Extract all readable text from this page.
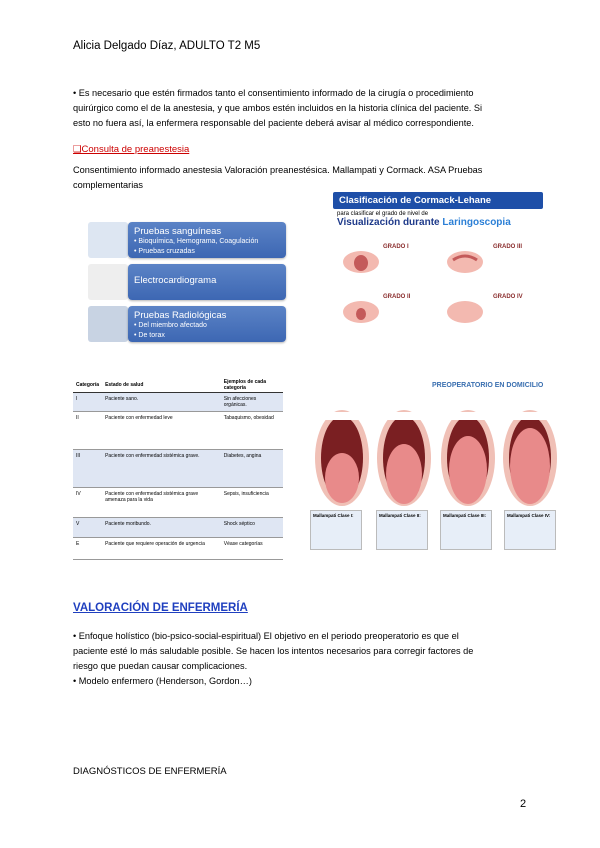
Alicia Delgado Díaz, ADULTO T2 M5
• Es necesario que estén firmados tanto el consentimiento informado de la cirugía o procedimiento
quirúrgico como el de la anestesia, y que ambos estén incluidos en la historia clínica del paciente. Si
esto no fuera así, la enfermera responsable del paciente deberá avisar al médico correspondiente.
❑Consulta de preanestesia
Consentimiento informado anestesia Valoración preanestésica. Mallampati y Cormack. ASA Pruebas
complementarias
Pruebas sanguíneas
• Bioquímica, Hemograma, Coagulación
• Pruebas cruzadas
Electrocardiograma
Pruebas Radiológicas
• Del miembro afectado
• De torax
Clasificación de Cormack-Lehane
para clasificar el grado de nivel de
Visualización durante Laringoscopia
GRADO I
GRADO II
GRADO III
GRADO IV
Categoría	Estado de salud	Ejemplos de cada categoría
I	Paciente sano.	Sin afecciones orgánicas.
II	Paciente con enfermedad leve	Tabaquismo, obesidad
III	Paciente con enfermedad sistémica grave.	Diabetes, angina
IV	Paciente con enfermedad sistémica grave amenaza para la vida	Sepsis, insuficiencia
V	Paciente moribundo.	Shock séptico
E	Paciente que requiere operación de urgencia	Véase categorías
PREOPERATORIO EN DOMICILIO
Mallampati Clase I:	Mallampati Clase II:	Mallampati Clase III:	Mallampati Clase IV:
VALORACIÓN DE ENFERMERÍA
• Enfoque holístico (bio-psico-social-espiritual) El objetivo en el periodo preoperatorio es que el
paciente esté lo más saludable posible. Se hacen los intentos necesarios para corregir factores de
riesgo que puedan causar complicaciones.
• Modelo enfermero (Henderson, Gordon…)
DIAGNÓSTICOS DE ENFERMERÍA
2
